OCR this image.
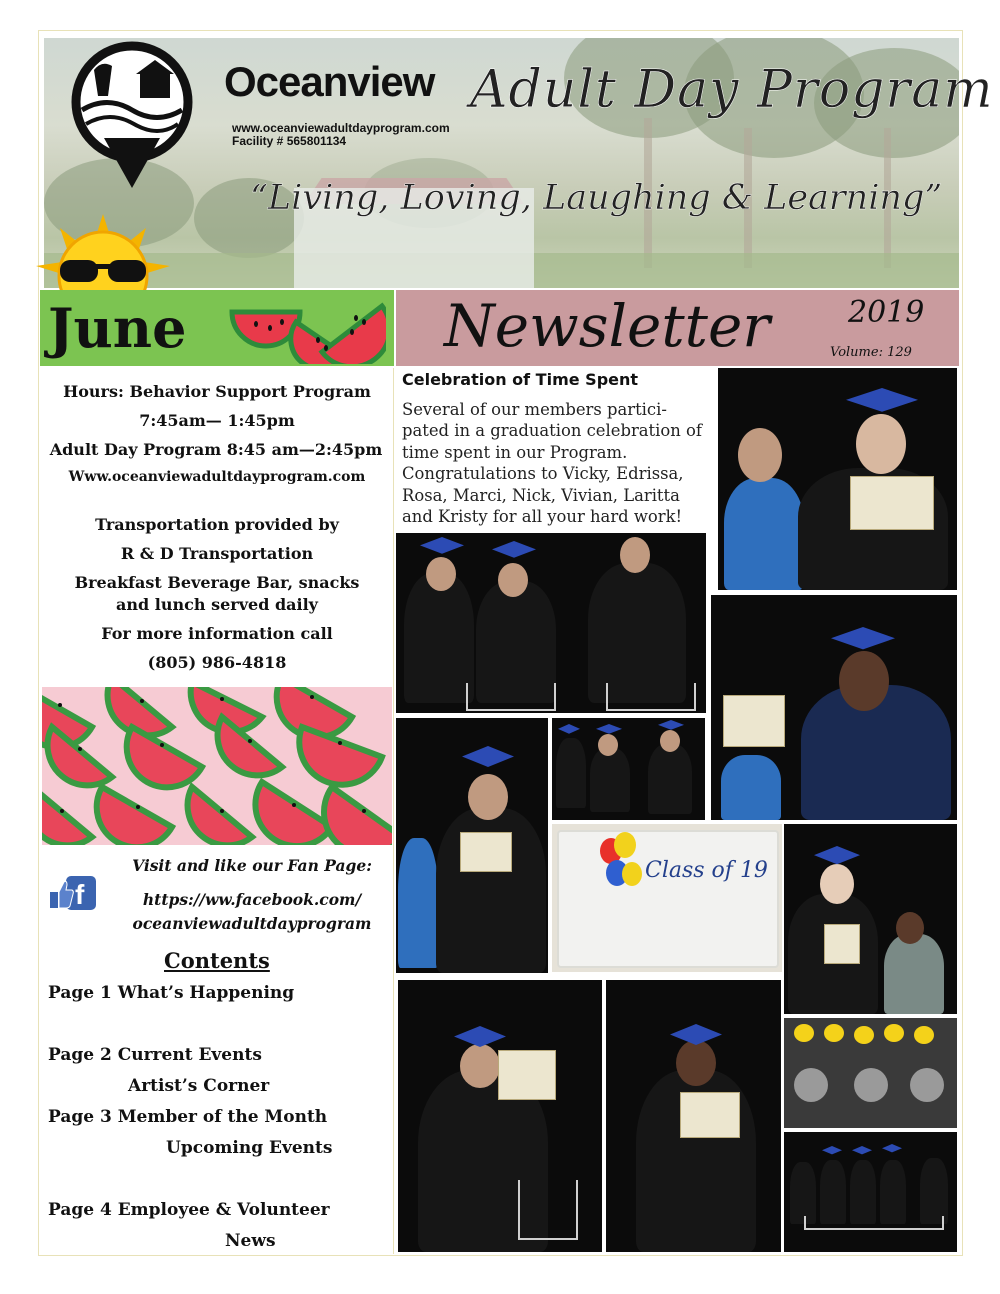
Oceanview Adult Day Program
www.oceanviewadultdayprogram.com
Facility # 565801134
“Living, Loving, Laughing & Learning”
June	Newsletter	2019
Volume: 129
Hours: Behavior Support Program
7:45am— 1:45pm
Adult Day Program 8:45 am—2:45pm
Www.oceanviewadultdayprogram.com
Transportation provided by
R & D Transportation
Breakfast Beverage Bar, snacks
and lunch served daily
For more information call
(805) 986-4818
f
Visit and like our Fan Page:
https://ww.facebook.com/
oceanviewadultdayprogram
Contents
Page 1 What’s Happening
Page 2 Current Events
Artist’s Corner
Page 3 Member of the Month
Upcoming Events
Page 4 Employee & Volunteer
News
Celebration of Time Spent
Several of our members partici-pated in a graduation celebration of time spent in our Program. Congratulations to Vicky, Edrissa, Rosa, Marci, Nick, Vivian, Laritta and Kristy for all your hard work!
Class of 19
